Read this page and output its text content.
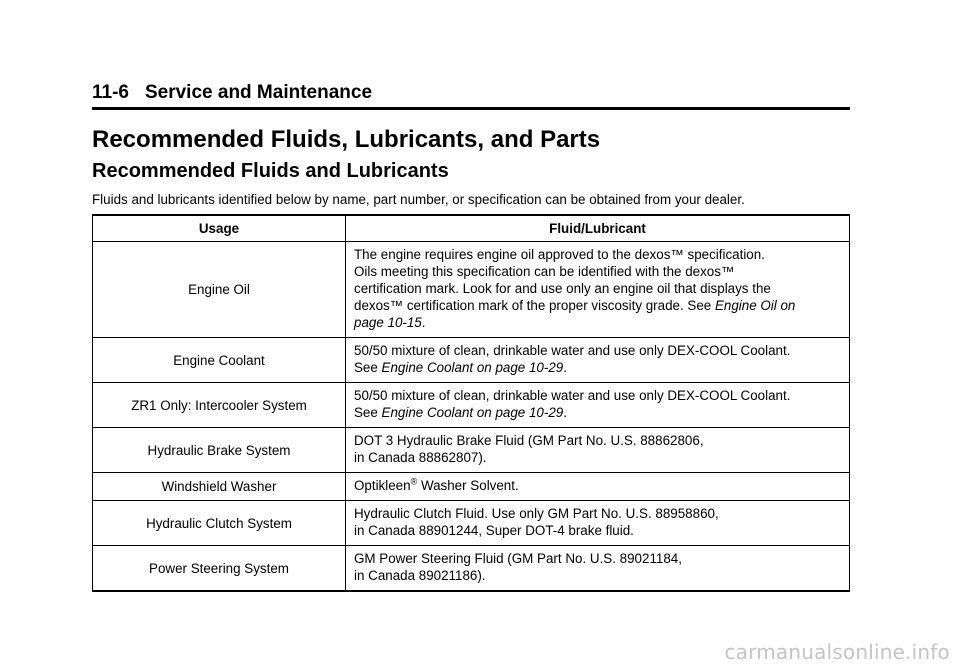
11-6 Service and Maintenance
Recommended Fluids, Lubricants, and Parts
Recommended Fluids and Lubricants
Fluids and lubricants identified below by name, part number, or specification can be obtained from your dealer.
Usage	Fluid/Lubricant
Engine Oil	The engine requires engine oil approved to the dexos™ specification.
Oils meeting this specification can be identified with the dexos™
certification mark. Look for and use only an engine oil that displays the
dexos™ certification mark of the proper viscosity grade. See Engine Oil on
page 10-15.
Engine Coolant	50/50 mixture of clean, drinkable water and use only DEX-COOL Coolant.
See Engine Coolant on page 10-29.
ZR1 Only: Intercooler System	50/50 mixture of clean, drinkable water and use only DEX-COOL Coolant.
See Engine Coolant on page 10-29.
Hydraulic Brake System	DOT 3 Hydraulic Brake Fluid (GM Part No. U.S. 88862806,
in Canada 88862807).
Windshield Washer	Optikleen® Washer Solvent.
Hydraulic Clutch System	Hydraulic Clutch Fluid. Use only GM Part No. U.S. 88958860,
in Canada 88901244, Super DOT-4 brake fluid.
Power Steering System	GM Power Steering Fluid (GM Part No. U.S. 89021184,
in Canada 89021186).
carmanualsonline.info
